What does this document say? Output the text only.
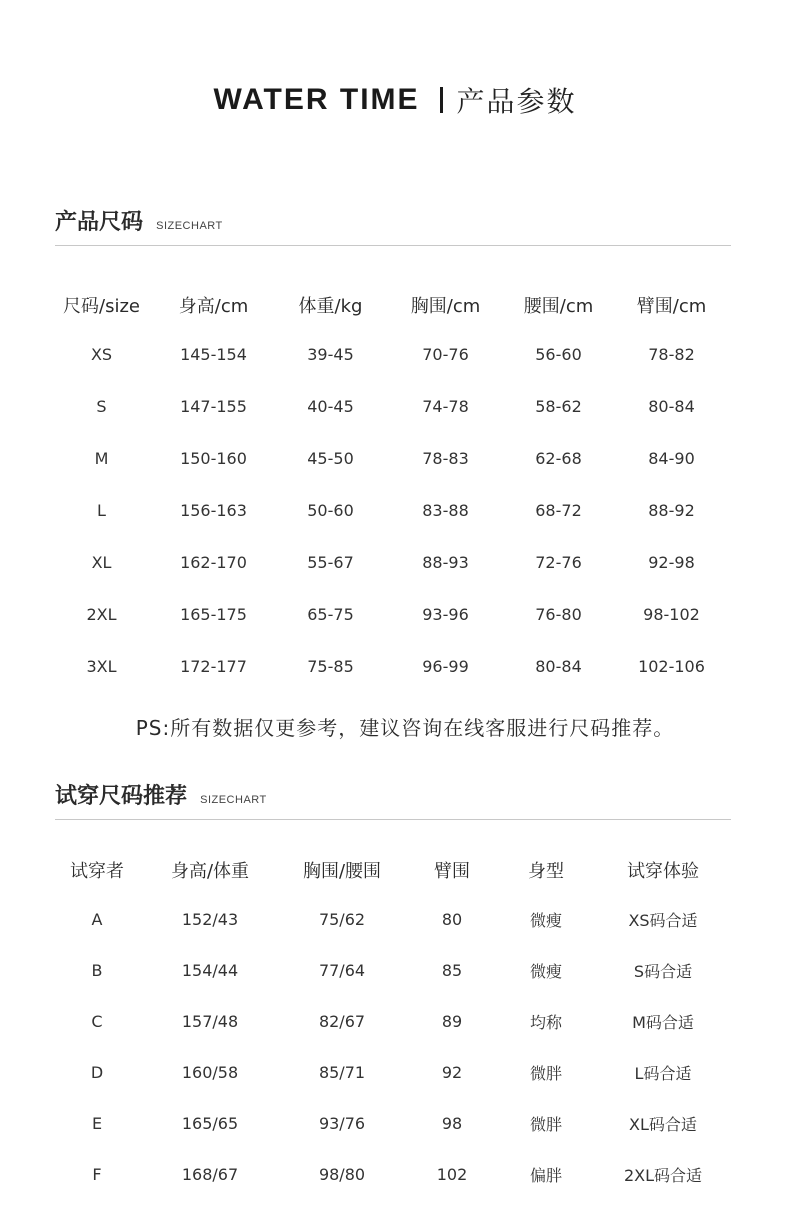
WATER TIME 产品参数
产品尺码 SIZECHART
尺码/size	身高/cm	体重/kg	胸围/cm	腰围/cm	臂围/cm
XS	145-154	39-45	70-76	56-60	78-82
S	147-155	40-45	74-78	58-62	80-84
M	150-160	45-50	78-83	62-68	84-90
L	156-163	50-60	83-88	68-72	88-92
XL	162-170	55-67	88-93	72-76	92-98
2XL	165-175	65-75	93-96	76-80	98-102
3XL	172-177	75-85	96-99	80-84	102-106
PS:所有数据仅更参考，建议咨询在线客服进行尺码推荐。
试穿尺码推荐 SIZECHART
试穿者	身高/体重	胸围/腰围	臂围	身型	试穿体验
A	152/43	75/62	80	微瘦	XS码合适
B	154/44	77/64	85	微瘦	S码合适
C	157/48	82/67	89	均称	M码合适
D	160/58	85/71	92	微胖	L码合适
E	165/65	93/76	98	微胖	XL码合适
F	168/67	98/80	102	偏胖	2XL码合适
